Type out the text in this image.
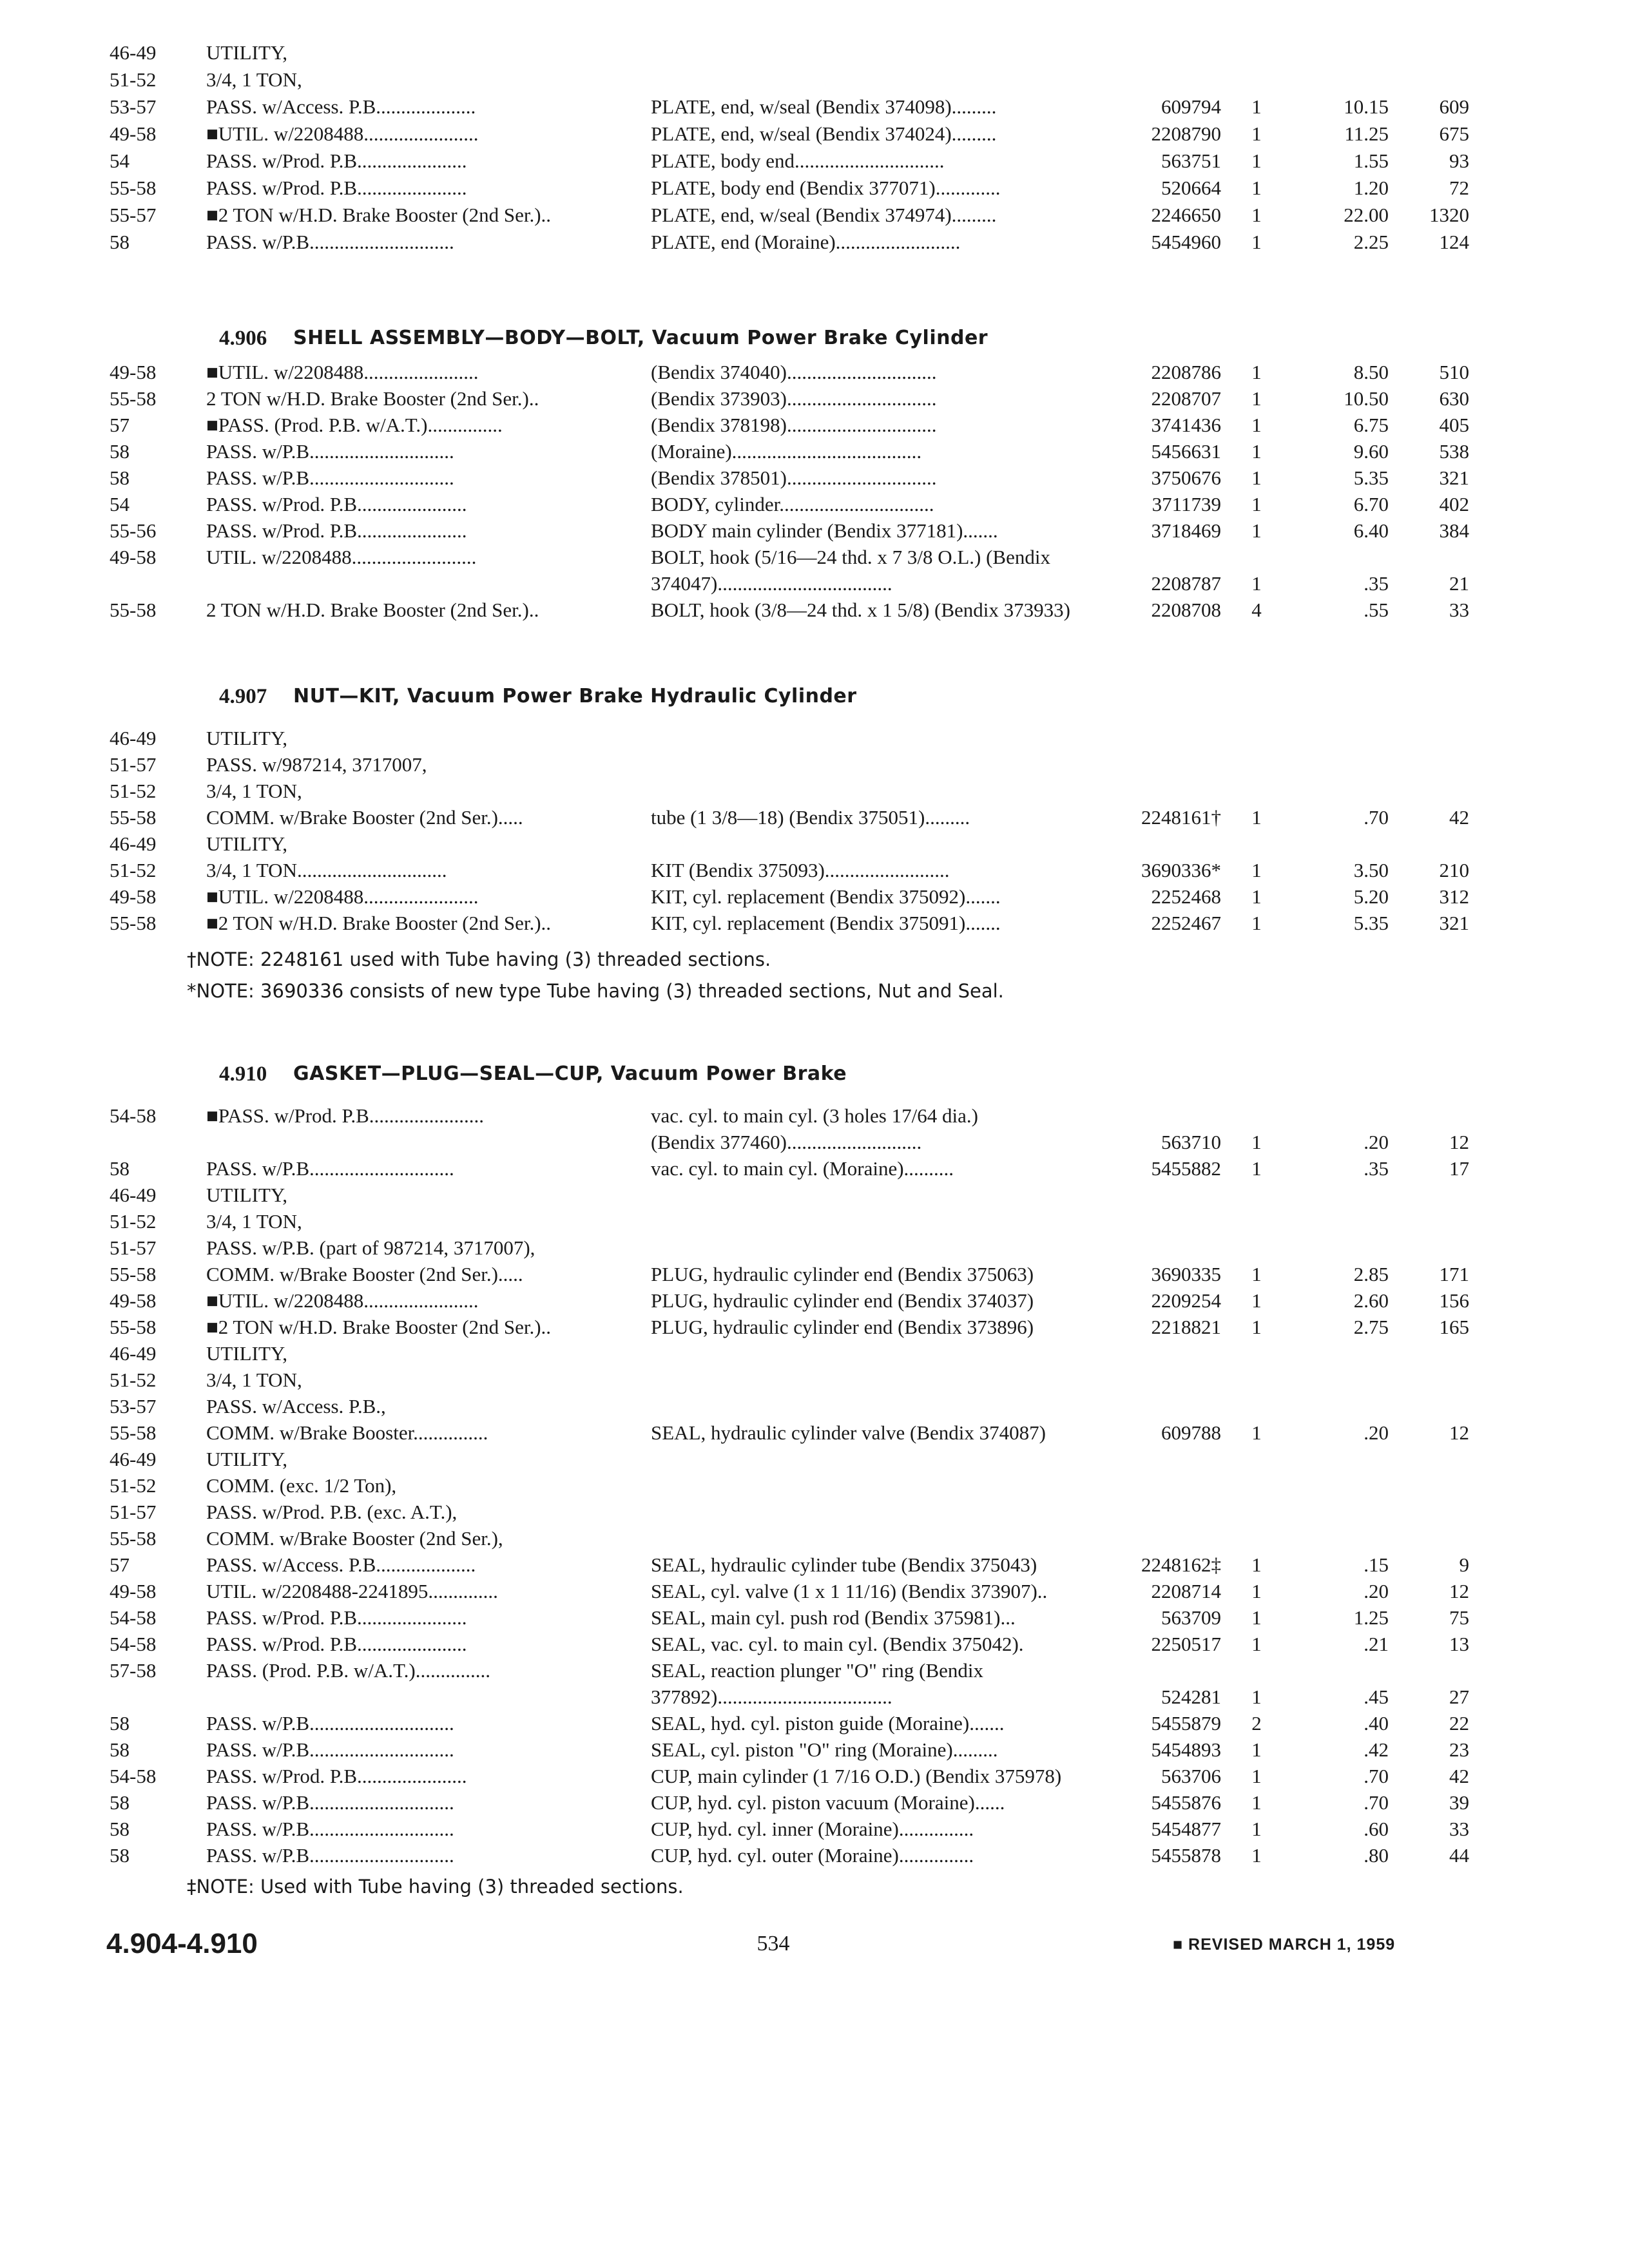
46-49	UTILITY,
51-52	3/4, 1 TON,
53-57	PASS. w/Access. P.B....................	PLATE, end, w/seal (Bendix 374098).........	609794 1	10.15	609
49-58	■UTIL. w/2208488.......................	PLATE, end, w/seal (Bendix 374024).........	2208790 1	11.25	675
54	PASS. w/Prod. P.B......................	PLATE, body end..............................	563751 1	1.55	93
55-58	PASS. w/Prod. P.B......................	PLATE, body end (Bendix 377071).............	520664 1	1.20	72
55-57	■2 TON w/H.D. Brake Booster (2nd Ser.)..	PLATE, end, w/seal (Bendix 374974).........	2246650 1	22.00	1320
58	PASS. w/P.B.............................	PLATE, end (Moraine).........................	5454960 1	2.25	124
4.906 SHELL ASSEMBLY—BODY—BOLT, Vacuum Power Brake Cylinder
49-58	■UTIL. w/2208488.......................	(Bendix 374040)..............................	2208786 1	8.50	510
55-58	2 TON w/H.D. Brake Booster (2nd Ser.)..	(Bendix 373903)..............................	2208707 1	10.50	630
57	■PASS. (Prod. P.B. w/A.T.)...............	(Bendix 378198)..............................	3741436 1	6.75	405
58	PASS. w/P.B.............................	(Moraine)......................................	5456631 1	9.60	538
58	PASS. w/P.B.............................	(Bendix 378501)..............................	3750676 1	5.35	321
54	PASS. w/Prod. P.B......................	BODY, cylinder...............................	3711739 1	6.70	402
55-56	PASS. w/Prod. P.B......................	BODY main cylinder (Bendix 377181).......	3718469 1	6.40	384
49-58	UTIL. w/2208488.........................	BOLT, hook (5/16—24 thd. x 7 3/8 O.L.) (Bendix
374047)...................................	2208787 1	.35	21
55-58	2 TON w/H.D. Brake Booster (2nd Ser.)..	BOLT, hook (3/8—24 thd. x 1 5/8) (Bendix 373933)	2208708 4	.55	33
4.907 NUT—KIT, Vacuum Power Brake Hydraulic Cylinder
46-49	UTILITY,
51-57	PASS. w/987214, 3717007,
51-52	3/4, 1 TON,
55-58	COMM. w/Brake Booster (2nd Ser.).....	tube (1 3/8—18) (Bendix 375051).........	2248161† 1	.70	42
46-49	UTILITY,
51-52	3/4, 1 TON..............................	KIT (Bendix 375093).........................	3690336* 1	3.50	210
49-58	■UTIL. w/2208488.......................	KIT, cyl. replacement (Bendix 375092).......	2252468 1	5.20	312
55-58	■2 TON w/H.D. Brake Booster (2nd Ser.)..	KIT, cyl. replacement (Bendix 375091).......	2252467 1	5.35	321
†NOTE: 2248161 used with Tube having (3) threaded sections.
*NOTE: 3690336 consists of new type Tube having (3) threaded sections, Nut and Seal.
4.910 GASKET—PLUG—SEAL—CUP, Vacuum Power Brake
54-58	■PASS. w/Prod. P.B.......................	vac. cyl. to main cyl. (3 holes 17/64 dia.)
(Bendix 377460)...........................	563710 1	.20	12
58	PASS. w/P.B.............................	vac. cyl. to main cyl. (Moraine)..........	5455882 1	.35	17
46-49	UTILITY,
51-52	3/4, 1 TON,
51-57	PASS. w/P.B. (part of 987214, 3717007),
55-58	COMM. w/Brake Booster (2nd Ser.).....	PLUG, hydraulic cylinder end (Bendix 375063)	3690335 1	2.85	171
49-58	■UTIL. w/2208488.......................	PLUG, hydraulic cylinder end (Bendix 374037)	2209254 1	2.60	156
55-58	■2 TON w/H.D. Brake Booster (2nd Ser.)..	PLUG, hydraulic cylinder end (Bendix 373896)	2218821 1	2.75	165
46-49	UTILITY,
51-52	3/4, 1 TON,
53-57	PASS. w/Access. P.B.,
55-58	COMM. w/Brake Booster...............	SEAL, hydraulic cylinder valve (Bendix 374087)	609788 1	.20	12
46-49	UTILITY,
51-52	COMM. (exc. 1/2 Ton),
51-57	PASS. w/Prod. P.B. (exc. A.T.),
55-58	COMM. w/Brake Booster (2nd Ser.),
57	PASS. w/Access. P.B....................	SEAL, hydraulic cylinder tube (Bendix 375043)	2248162‡ 1	.15	9
49-58	UTIL. w/2208488-2241895..............	SEAL, cyl. valve (1 x 1 11/16) (Bendix 373907)..	2208714 1	.20	12
54-58	PASS. w/Prod. P.B......................	SEAL, main cyl. push rod (Bendix 375981)...	563709 1	1.25	75
54-58	PASS. w/Prod. P.B......................	SEAL, vac. cyl. to main cyl. (Bendix 375042).	2250517 1	.21	13
57-58	PASS. (Prod. P.B. w/A.T.)...............	SEAL, reaction plunger "O" ring (Bendix
377892)...................................	524281 1	.45	27
58	PASS. w/P.B.............................	SEAL, hyd. cyl. piston guide (Moraine).......	5455879 2	.40	22
58	PASS. w/P.B.............................	SEAL, cyl. piston "O" ring (Moraine).........	5454893 1	.42	23
54-58	PASS. w/Prod. P.B......................	CUP, main cylinder (1 7/16 O.D.) (Bendix 375978)	563706 1	.70	42
58	PASS. w/P.B.............................	CUP, hyd. cyl. piston vacuum (Moraine)......	5455876 1	.70	39
58	PASS. w/P.B.............................	CUP, hyd. cyl. inner (Moraine)...............	5454877 1	.60	33
58	PASS. w/P.B.............................	CUP, hyd. cyl. outer (Moraine)...............	5455878 1	.80	44
‡NOTE: Used with Tube having (3) threaded sections.
4.904-4.910	534	■ REVISED MARCH 1, 1959
